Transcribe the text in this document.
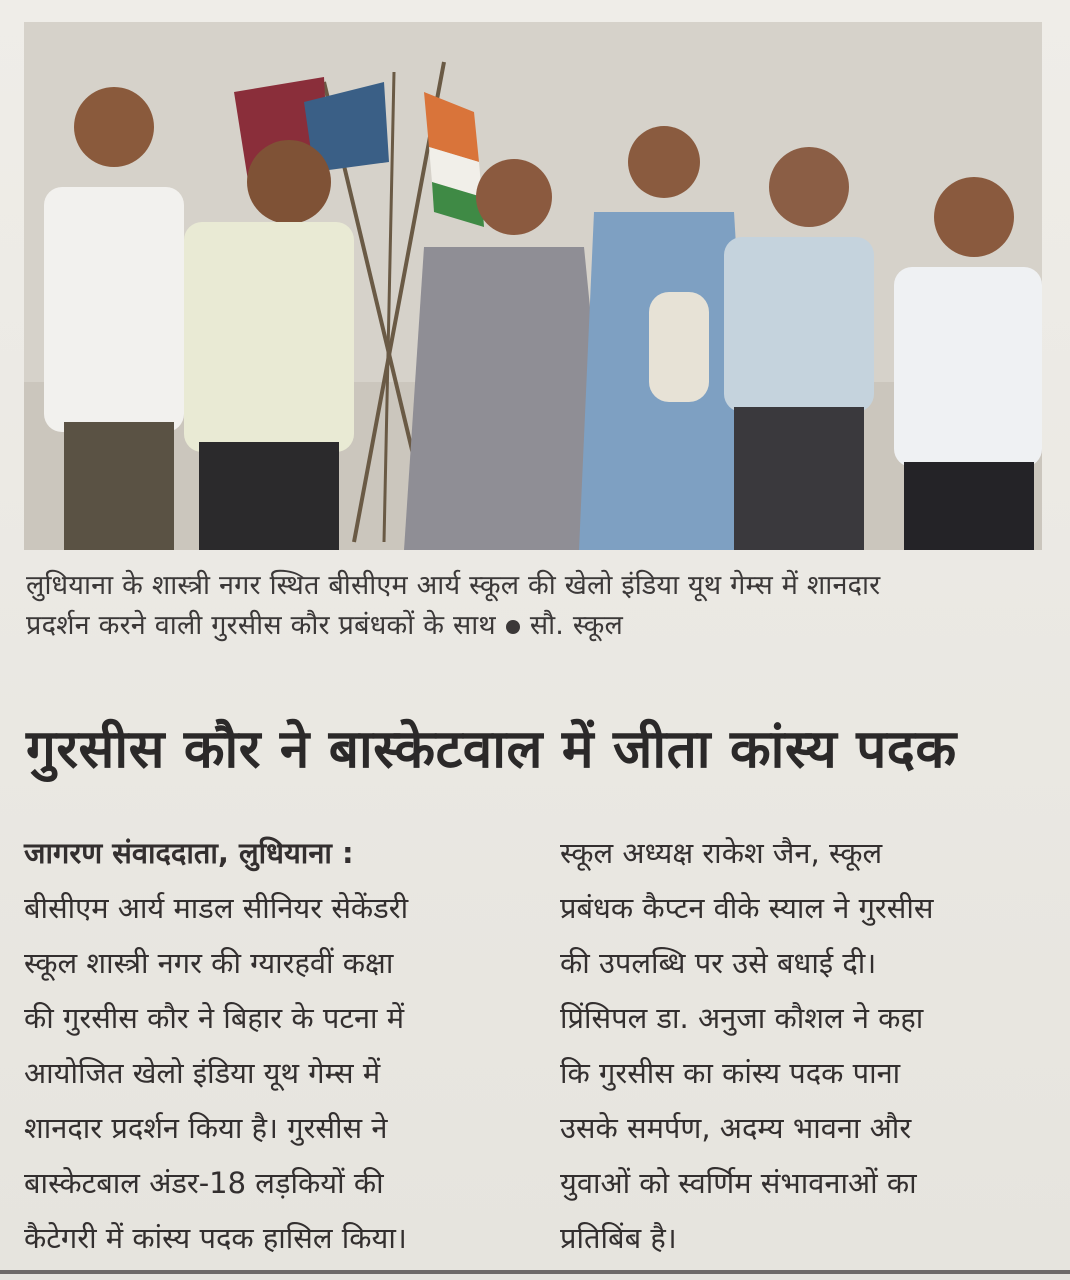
लुधियाना के शास्त्री नगर स्थित बीसीएम आर्य स्कूल की खेलो इंडिया यूथ गेम्स में शानदार

प्रदर्शन करने वाली गुरसीस कौर प्रबंधकों के साथ सौ. स्कूल

गुरसीस कौर ने बास्केटवाल में जीता कांस्य पदक

जागरण संवाददाता, लुधियाना :

बीसीएम आर्य माडल सीनियर सेकेंडरी

स्कूल शास्त्री नगर की ग्यारहवीं कक्षा

की गुरसीस कौर ने बिहार के पटना में

आयोजित खेलो इंडिया यूथ गेम्स में

शानदार प्रदर्शन किया है। गुरसीस ने

बास्केटबाल अंडर-18 लड़कियों की

कैटेगरी में कांस्य पदक हासिल किया।

स्कूल अध्यक्ष राकेश जैन, स्कूल

प्रबंधक कैप्टन वीके स्याल ने गुरसीस

की उपलब्धि पर उसे बधाई दी।

प्रिंसिपल डा. अनुजा कौशल ने कहा

कि गुरसीस का कांस्य पदक पाना

उसके समर्पण, अदम्य भावना और

युवाओं को स्वर्णिम संभावनाओं का

प्रतिबिंब है।
